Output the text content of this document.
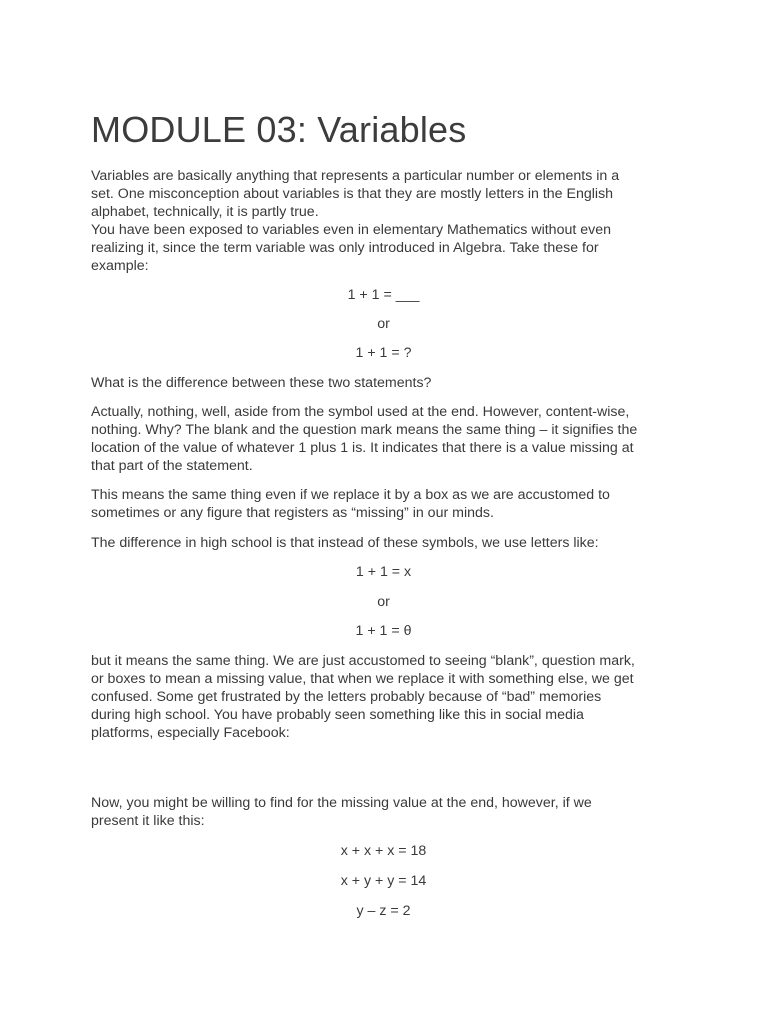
MODULE 03: Variables

Variables are basically anything that represents a particular number or elements in a
set. One misconception about variables is that they are mostly letters in the English
alphabet, technically, it is partly true.
You have been exposed to variables even in elementary Mathematics without even
realizing it, since the term variable was only introduced in Algebra. Take these for
example:

1 + 1 = ___

or

1 + 1 = ?

What is the difference between these two statements?

Actually, nothing, well, aside from the symbol used at the end. However, content-wise,
nothing. Why? The blank and the question mark means the same thing – it signifies the
location of the value of whatever 1 plus 1 is. It indicates that there is a value missing at
that part of the statement.

This means the same thing even if we replace it by a box as we are accustomed to
sometimes or any figure that registers as “missing” in our minds.

The difference in high school is that instead of these symbols, we use letters like:

1 + 1 = x

or

1 + 1 = θ

but it means the same thing. We are just accustomed to seeing “blank”, question mark,
or boxes to mean a missing value, that when we replace it with something else, we get
confused. Some get frustrated by the letters probably because of “bad” memories
during high school. You have probably seen something like this in social media
platforms, especially Facebook:

Now, you might be willing to find for the missing value at the end, however, if we
present it like this:

x + x + x = 18

x + y + y = 14

y – z = 2
